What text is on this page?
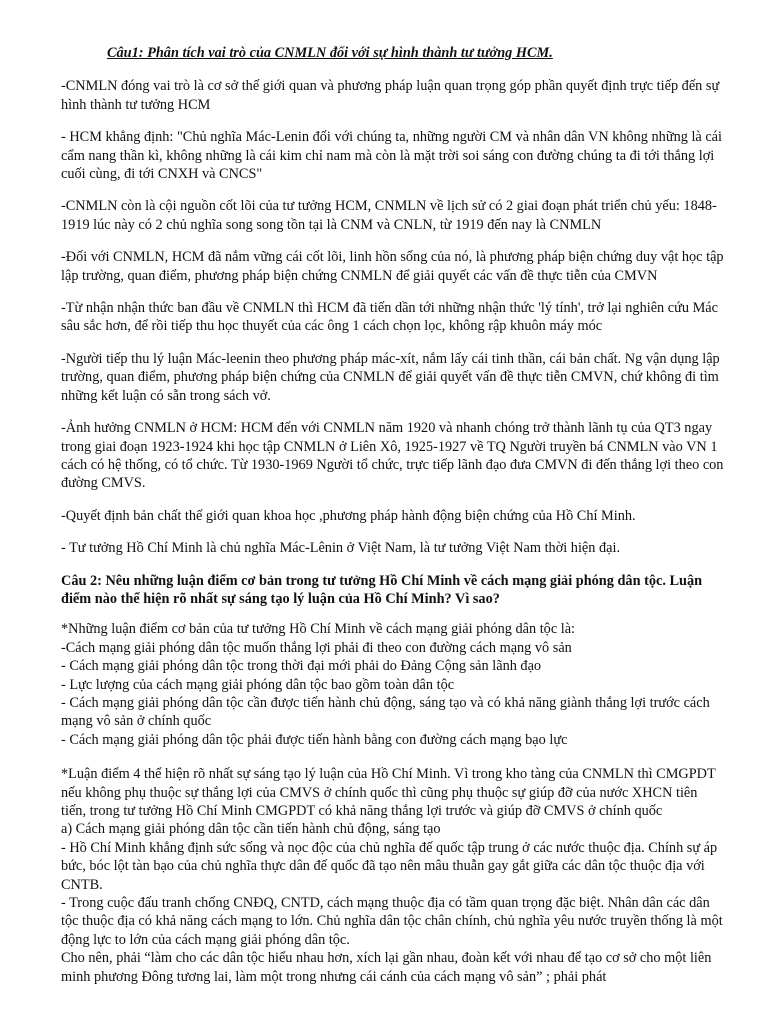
Câu1: Phân tích vai trò của CNMLN đối với sự hình thành tư tưởng HCM.
-CNMLN đóng vai trò là cơ sở thế giới quan và phương pháp luận quan trọng góp phần quyết định trực tiếp đến sự hình thành tư tưởng HCM
- HCM khẳng định: "Chủ nghĩa Mác-Lenin đối với chúng ta, những người CM và nhân dân VN không những là cái cẩm nang thần kì, không những là cái kim chỉ nam mà còn là mặt trời soi sáng con đường chúng ta đi tới thắng lợi cuối cùng, đi tới CNXH và CNCS"
-CNMLN còn là cội nguồn cốt lõi của tư tưởng HCM, CNMLN về lịch sử có 2 giai đoạn phát triển chủ yếu: 1848-1919 lúc này có 2 chủ nghĩa song song tồn tại là CNM và CNLN, từ 1919 đến nay là CNMLN
-Đối với CNMLN, HCM đã nắm vững cái cốt lõi, linh hồn sống của nó, là phương pháp biện chứng duy vật học tập lập trường, quan điểm, phương pháp biện chứng CNMLN để giải quyết các vấn đề thực tiễn của CMVN
-Từ nhận nhận thức ban đầu về CNMLN thì HCM đã tiến dần tới những nhận thức 'lý tính', trở lại nghiên cứu Mác sâu sắc hơn, để rồi tiếp thu học thuyết của các ông 1 cách chọn lọc, không rập khuôn máy móc
-Người tiếp thu lý luận Mác-leenin theo phương pháp mác-xít, nắm lấy cái tinh thần, cái bản chất. Ng vận dụng lập trường, quan điểm, phương pháp biện chứng của CNMLN để giải quyết vấn đề thực tiễn CMVN, chứ không đi tìm những kết luận có sẵn trong sách vở.
-Ảnh hưởng CNMLN ở HCM: HCM đến với CNMLN năm 1920 và nhanh chóng trở thành lãnh tụ của QT3 ngay trong giai đoạn 1923-1924 khi học tập CNMLN ở Liên Xô, 1925-1927 về TQ Người truyền bá CNMLN vào VN 1 cách có hệ thống, có tổ chức. Từ 1930-1969 Người tổ chức, trực tiếp lãnh đạo đưa CMVN đi đến thắng lợi theo con đường CMVS.
-Quyết định bản chất thế giới quan khoa học ,phương pháp hành động biện chứng của Hồ Chí Minh.
- Tư tưởng Hồ Chí Minh là chủ nghĩa Mác-Lênin ở Việt Nam, là tư tưởng Việt Nam thời hiện đại.
Câu 2: Nêu những luận điểm cơ bản trong tư tưởng Hồ Chí Minh về cách mạng giải phóng dân tộc. Luận điểm nào thể hiện rõ nhất sự sáng tạo lý luận của Hồ Chí Minh? Vì sao?
*Những luận điểm cơ bản của tư tưởng Hồ Chí Minh về cách mạng giải phóng dân tộc là:
-Cách mạng giải phóng dân tộc muốn thắng lợi phải đi theo con đường cách mạng vô sản
- Cách mạng giải phóng dân tộc trong thời đại mới phải do Đảng Cộng sản lãnh đạo
- Lực lượng của cách mạng giải phóng dân tộc bao gồm toàn dân tộc
- Cách mạng giải phóng dân tộc cần được tiến hành chủ động, sáng tạo và có khả năng giành thắng lợi trước cách mạng vô sản ở chính quốc
- Cách mạng giải phóng dân tộc phải được tiến hành bằng con đường cách mạng bạo lực
*Luận điểm 4 thể hiện rõ nhất sự sáng tạo lý luận của Hồ Chí Minh. Vì trong kho tàng của CNMLN thì CMGPDT nếu không phụ thuộc sự thắng lợi của CMVS ở chính quốc thì cũng phụ thuộc sự giúp đỡ của nước XHCN tiên tiến, trong tư tưởng Hồ Chí Minh CMGPDT có khả năng thắng lợi trước và giúp đỡ CMVS ở chính quốc
a) Cách mạng giải phóng dân tộc cần tiến hành chủ động, sáng tạo
- Hồ Chí Minh khẳng định sức sống và nọc độc của chủ nghĩa đế quốc tập trung ở các nước thuộc địa. Chính sự áp bức, bóc lột tàn bạo của chủ nghĩa thực dân đế quốc đã tạo nên mâu thuẫn gay gắt giữa các dân tộc thuộc địa với CNTB.
- Trong cuộc đấu tranh chống CNĐQ, CNTD, cách mạng thuộc địa có tầm quan trọng đặc biệt. Nhân dân các dân tộc thuộc địa có khả năng cách mạng to lớn. Chủ nghĩa dân tộc chân chính, chủ nghĩa yêu nước truyền thống là một động lực to lớn của cách mạng giải phóng dân tộc.
Cho nên, phải “làm cho các dân tộc hiểu nhau hơn, xích lại gần nhau, đoàn kết với nhau để tạo cơ sở cho một liên minh phương Đông tương lai, làm một trong nhưng cái cánh của cách mạng vô sản” ; phải phát
